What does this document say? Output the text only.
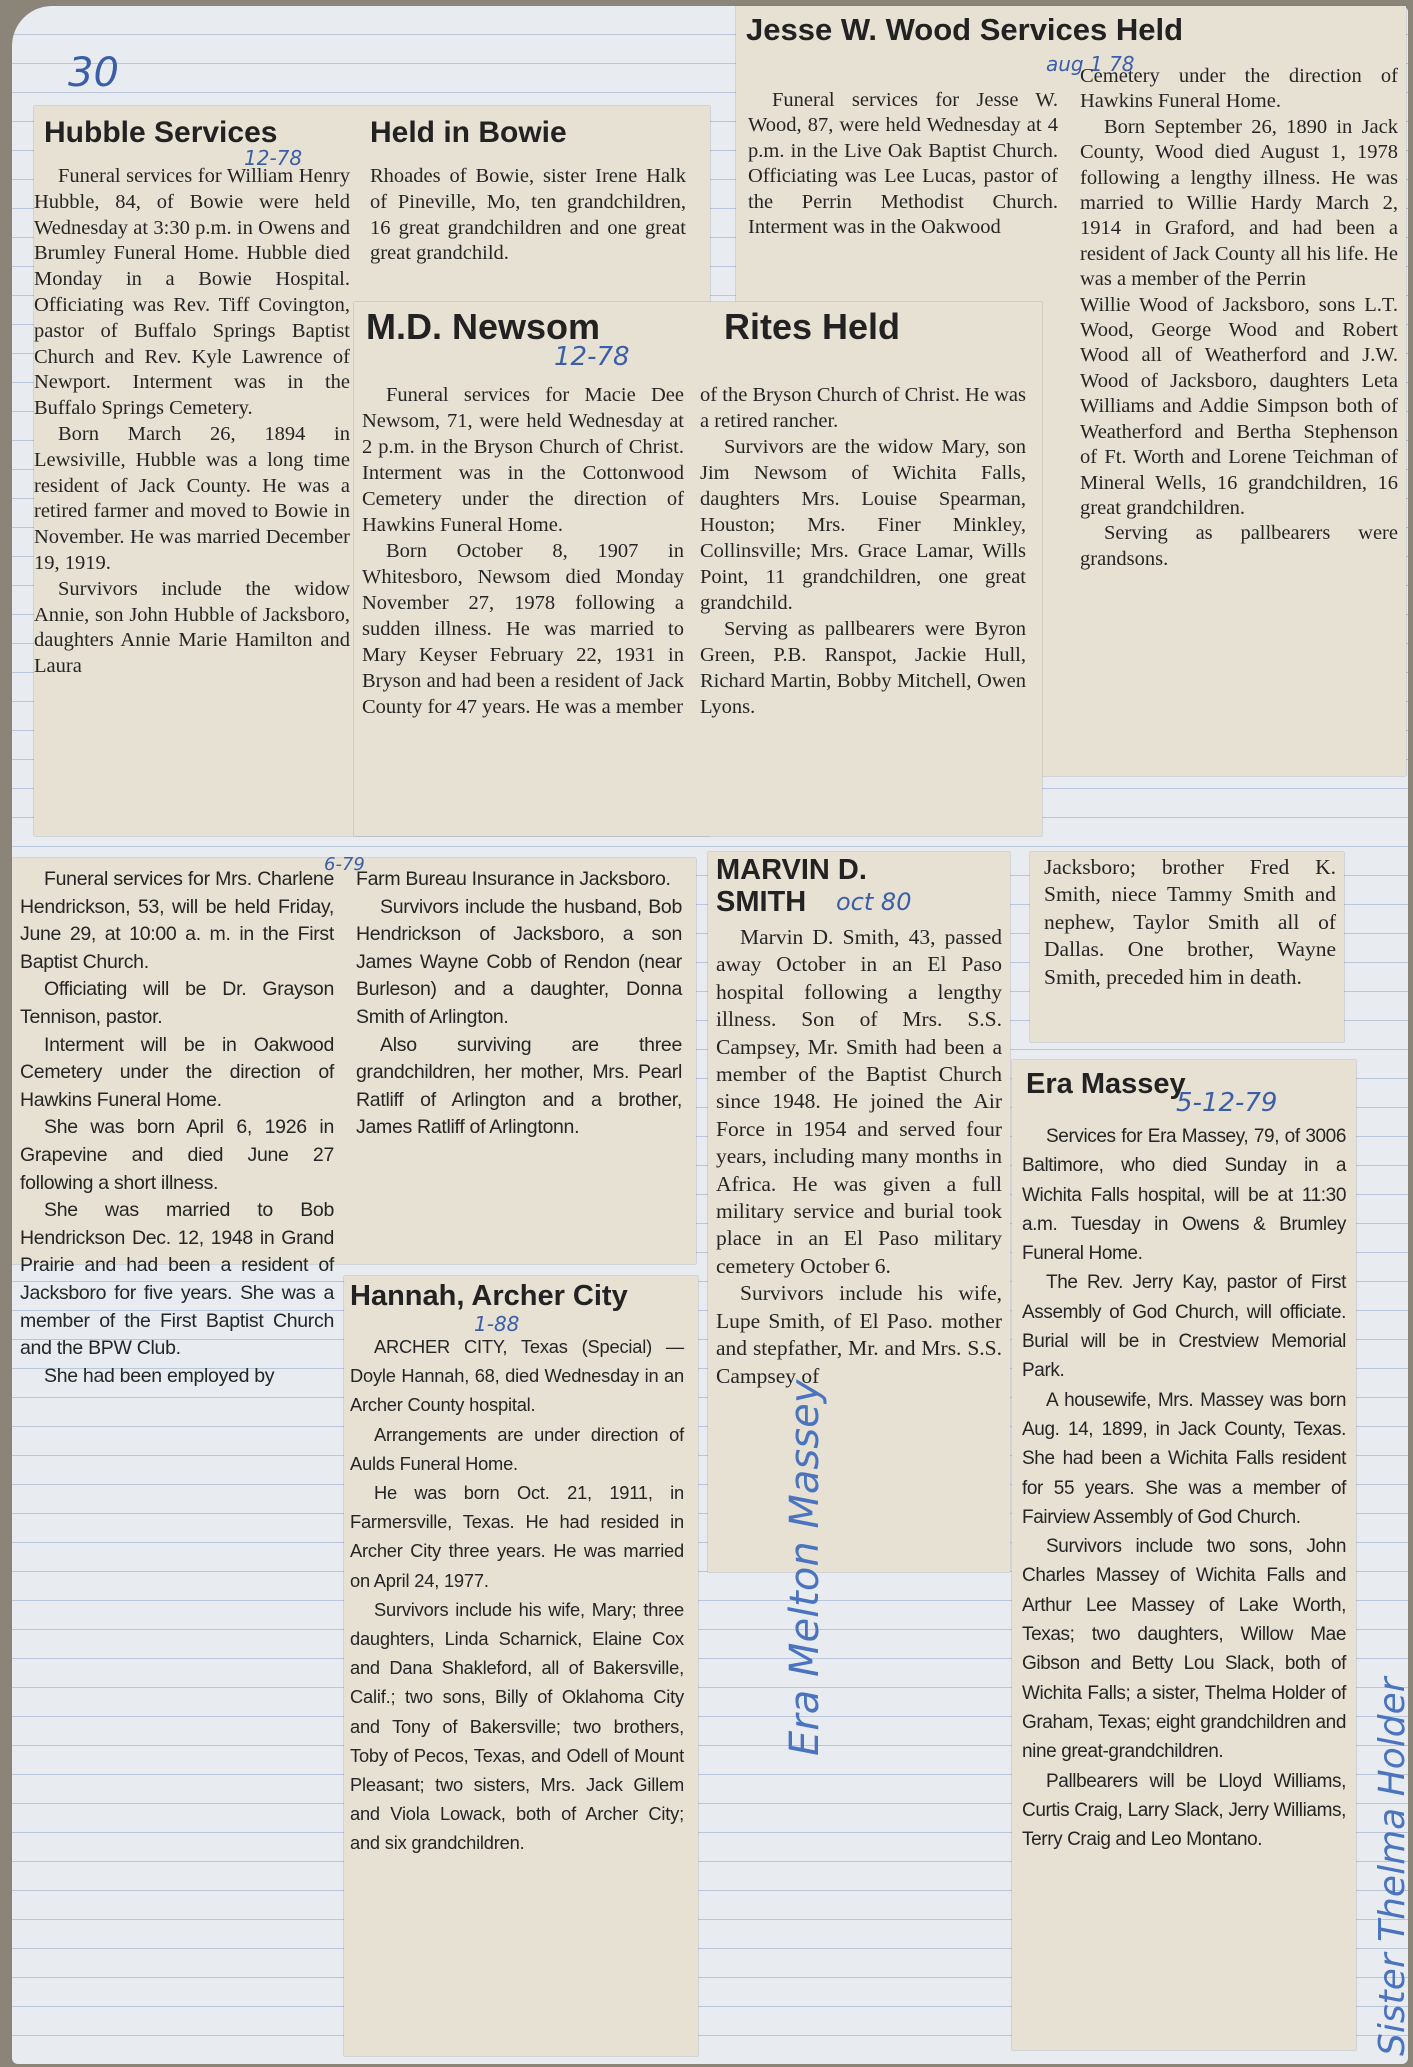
30
Hubble Services	Held in Bowie
12-78

Funeral services for William Henry Hubble, 84, of Bowie were held Wednesday at 3:30 p.m. in Owens and Brumley Funeral Home. Hubble died Monday in a Bowie Hospital. Officiating was Rev. Tiff Covington, pastor of Buffalo Springs Baptist Church and Rev. Kyle Lawrence of Newport. Interment was in the Buffalo Springs Cemetery.

Born March 26, 1894 in Lewsiville, Hubble was a long time resident of Jack County. He was a retired farmer and moved to Bowie in November. He was married December 19, 1919.

Survivors include the widow Annie, son John Hubble of Jacksboro, daughters Annie Marie Hamilton and Laura

Rhoades of Bowie, sister Irene Halk of Pineville, Mo, ten grandchildren, 16 great grandchildren and one great great grandchild.

Jesse W. Wood Services Held
aug 1 78

Funeral services for Jesse W. Wood, 87, were held Wednesday at 4 p.m. in the Live Oak Baptist Church. Officiating was Lee Lucas, pastor of the Perrin Methodist Church. Interment was in the Oakwood

Cemetery under the direction of Hawkins Funeral Home.

Born September 26, 1890 in Jack County, Wood died August 1, 1978 following a lengthy illness. He was married to Willie Hardy March 2, 1914 in Graford, and had been a resident of Jack County all his life. He was a member of the Perrin

Willie Wood of Jacksboro, sons L.T. Wood, George Wood and Robert Wood all of Weatherford and J.W. Wood of Jacksboro, daughters Leta Williams and Addie Simpson both of Weatherford and Bertha Stephenson of Ft. Worth and Lorene Teichman of Mineral Wells, 16 grandchildren, 16 great grandchildren.

Serving as pallbearers were grandsons.

M.D. Newsom	Rites Held
12-78

Funeral services for Macie Dee Newsom, 71, were held Wednesday at 2 p.m. in the Bryson Church of Christ. Interment was in the Cottonwood Cemetery under the direction of Hawkins Funeral Home.

Born October 8, 1907 in Whitesboro, Newsom died Monday November 27, 1978 following a sudden illness. He was married to Mary Keyser February 22, 1931 in Bryson and had been a resident of Jack County for 47 years. He was a member

of the Bryson Church of Christ. He was a retired rancher.

Survivors are the widow Mary, son Jim Newsom of Wichita Falls, daughters Mrs. Louise Spearman, Houston; Mrs. Finer Minkley, Collinsville; Mrs. Grace Lamar, Wills Point, 11 grandchildren, one great grandchild.

Serving as pallbearers were Byron Green, P.B. Ranspot, Jackie Hull, Richard Martin, Bobby Mitchell, Owen Lyons.

6-79

Funeral services for Mrs. Charlene Hendrickson, 53, will be held Friday, June 29, at 10:00 a. m. in the First Baptist Church.

Officiating will be Dr. Grayson Tennison, pastor.

Interment will be in Oakwood Cemetery under the direction of Hawkins Funeral Home.

She was born April 6, 1926 in Grapevine and died June 27 following a short illness.

She was married to Bob Hendrickson Dec. 12, 1948 in Grand Prairie and had been a resident of Jacksboro for five years. She was a member of the First Baptist Church and the BPW Club.

She had been employed by

Farm Bureau Insurance in Jacksboro.

Survivors include the husband, Bob Hendrickson of Jacksboro, a son James Wayne Cobb of Rendon (near Burleson) and a daughter, Donna Smith of Arlington.

Also surviving are three grandchildren, her mother, Mrs. Pearl Ratliff of Arlington and a brother, James Ratliff of Arlingtonn.

MARVIN D.
SMITH oct 80

Marvin D. Smith, 43, passed away October in an El Paso hospital following a lengthy illness. Son of Mrs. S.S. Campsey, Mr. Smith had been a member of the Baptist Church since 1948. He joined the Air Force in 1954 and served four years, including many months in Africa. He was given a full military service and burial took place in an El Paso military cemetery October 6.

Survivors include his wife, Lupe Smith, of El Paso. mother and stepfather, Mr. and Mrs. S.S. Campsey of

Jacksboro; brother Fred K. Smith, niece Tammy Smith and nephew, Taylor Smith all of Dallas. One brother, Wayne Smith, preceded him in death.

Hannah, Archer City
1-88

ARCHER CITY, Texas (Special) — Doyle Hannah, 68, died Wednesday in an Archer County hospital.

Arrangements are under direction of Aulds Funeral Home.

He was born Oct. 21, 1911, in Farmersville, Texas. He had resided in Archer City three years. He was married on April 24, 1977.

Survivors include his wife, Mary; three daughters, Linda Scharnick, Elaine Cox and Dana Shakleford, all of Bakersville, Calif.; two sons, Billy of Oklahoma City and Tony of Bakersville; two brothers, Toby of Pecos, Texas, and Odell of Mount Pleasant; two sisters, Mrs. Jack Gillem and Viola Lowack, both of Archer City; and six grandchildren.

Era Massey
5-12-79

Services for Era Massey, 79, of 3006 Baltimore, who died Sunday in a Wichita Falls hospital, will be at 11:30 a.m. Tuesday in Owens & Brumley Funeral Home.

The Rev. Jerry Kay, pastor of First Assembly of God Church, will officiate. Burial will be in Crestview Memorial Park.

A housewife, Mrs. Massey was born Aug. 14, 1899, in Jack County, Texas. She had been a Wichita Falls resident for 55 years. She was a member of Fairview Assembly of God Church.

Survivors include two sons, John Charles Massey of Wichita Falls and Arthur Lee Massey of Lake Worth, Texas; two daughters, Willow Mae Gibson and Betty Lou Slack, both of Wichita Falls; a sister, Thelma Holder of Graham, Texas; eight grandchildren and nine great-grandchildren.

Pallbearers will be Lloyd Williams, Curtis Craig, Larry Slack, Jerry Williams, Terry Craig and Leo Montano.

Era Melton Massey
Sister Thelma Holder
